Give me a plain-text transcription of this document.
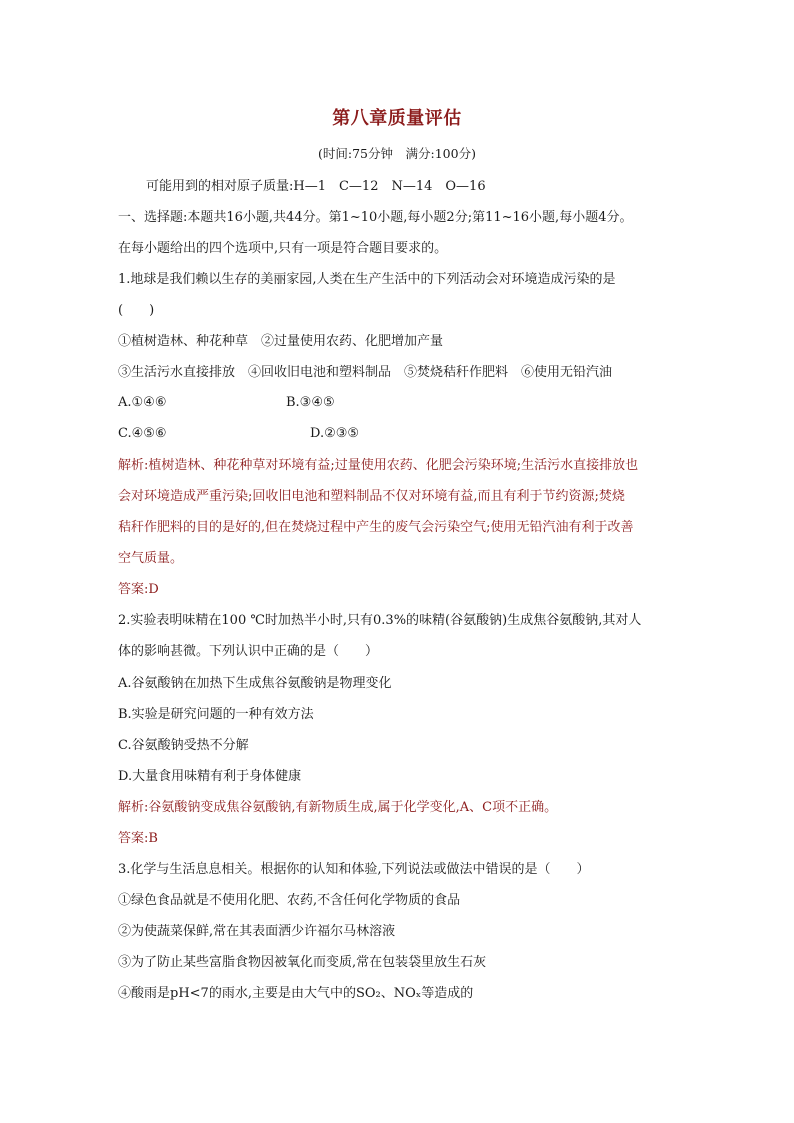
第八章质量评估
(时间:75分钟　满分:100分)
可能用到的相对原子质量:H—1　C—12　N—14　O—16
一、选择题:本题共16小题,共44分。第1~10小题,每小题2分;第11~16小题,每小题4分。
在每小题给出的四个选项中,只有一项是符合题目要求的。
1.地球是我们赖以生存的美丽家园,人类在生产生活中的下列活动会对环境造成污染的是
(　　)
①植树造林、种花种草　②过量使用农药、化肥增加产量
③生活污水直接排放　④回收旧电池和塑料制品　⑤焚烧秸秆作肥料　⑥使用无铅汽油
A.①④⑥	B.③④⑤
C.④⑤⑥	D.②③⑤
解析:植树造林、种花种草对环境有益;过量使用农药、化肥会污染环境;生活污水直接排放也
会对环境造成严重污染;回收旧电池和塑料制品不仅对环境有益,而且有利于节约资源;焚烧
秸秆作肥料的目的是好的,但在焚烧过程中产生的废气会污染空气;使用无铅汽油有利于改善
空气质量。
答案:D
2.实验表明味精在100 ℃时加热半小时,只有0.3%的味精(谷氨酸钠)生成焦谷氨酸钠,其对人
体的影响甚微。下列认识中正确的是（　　）
A.谷氨酸钠在加热下生成焦谷氨酸钠是物理变化
B.实验是研究问题的一种有效方法
C.谷氨酸钠受热不分解
D.大量食用味精有利于身体健康
解析:谷氨酸钠变成焦谷氨酸钠,有新物质生成,属于化学变化,A、C项不正确。
答案:B
3.化学与生活息息相关。根据你的认知和体验,下列说法或做法中错误的是（　　）
①绿色食品就是不使用化肥、农药,不含任何化学物质的食品
②为使蔬菜保鲜,常在其表面洒少许福尔马林溶液
③为了防止某些富脂食物因被氧化而变质,常在包装袋里放生石灰
④酸雨是pH<7的雨水,主要是由大气中的SO₂、NOₓ等造成的
